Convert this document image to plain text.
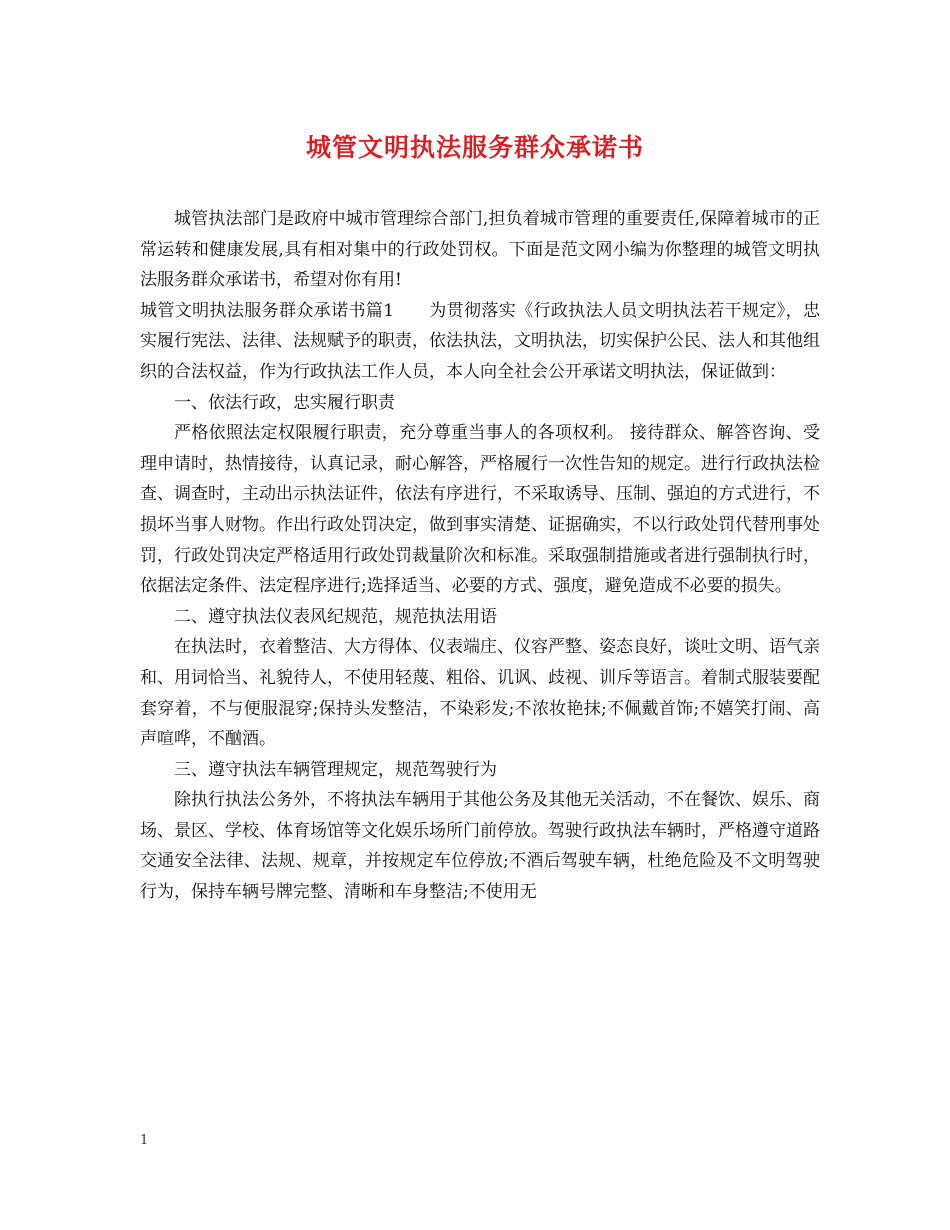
城管文明执法服务群众承诺书

城管执法部门是政府中城市管理综合部门,担负着城市管理的重要责任,保障着城市的正常运转和健康发展,具有相对集中的行政处罚权。下面是范文网小编为你整理的城管文明执法服务群众承诺书，希望对你有用!

城管文明执法服务群众承诺书篇1　　为贯彻落实《行政执法人员文明执法若干规定》，忠实履行宪法、法律、法规赋予的职责，依法执法，文明执法，切实保护公民、法人和其他组织的合法权益，作为行政执法工作人员，本人向全社会公开承诺文明执法，保证做到：

一、依法行政，忠实履行职责

严格依照法定权限履行职责，充分尊重当事人的各项权利。 接待群众、解答咨询、受理申请时，热情接待，认真记录，耐心解答，严格履行一次性告知的规定。进行行政执法检查、调查时，主动出示执法证件，依法有序进行，不采取诱导、压制、强迫的方式进行，不损坏当事人财物。作出行政处罚决定，做到事实清楚、证据确实，不以行政处罚代替刑事处罚，行政处罚决定严格适用行政处罚裁量阶次和标准。采取强制措施或者进行强制执行时，依据法定条件、法定程序进行;选择适当、必要的方式、强度，避免造成不必要的损失。

二、遵守执法仪表风纪规范，规范执法用语

在执法时，衣着整洁、大方得体、仪表端庄、仪容严整、姿态良好，谈吐文明、语气亲和、用词恰当、礼貌待人，不使用轻蔑、粗俗、讥讽、歧视、训斥等语言。着制式服装要配套穿着，不与便服混穿;保持头发整洁，不染彩发;不浓妆艳抹;不佩戴首饰;不嬉笑打闹、高声喧哗，不酗酒。

三、遵守执法车辆管理规定，规范驾驶行为

除执行执法公务外，不将执法车辆用于其他公务及其他无关活动，不在餐饮、娱乐、商场、景区、学校、体育场馆等文化娱乐场所门前停放。驾驶行政执法车辆时，严格遵守道路交通安全法律、法规、规章，并按规定车位停放;不酒后驾驶车辆，杜绝危险及不文明驾驶行为，保持车辆号牌完整、清晰和车身整洁;不使用无

1
